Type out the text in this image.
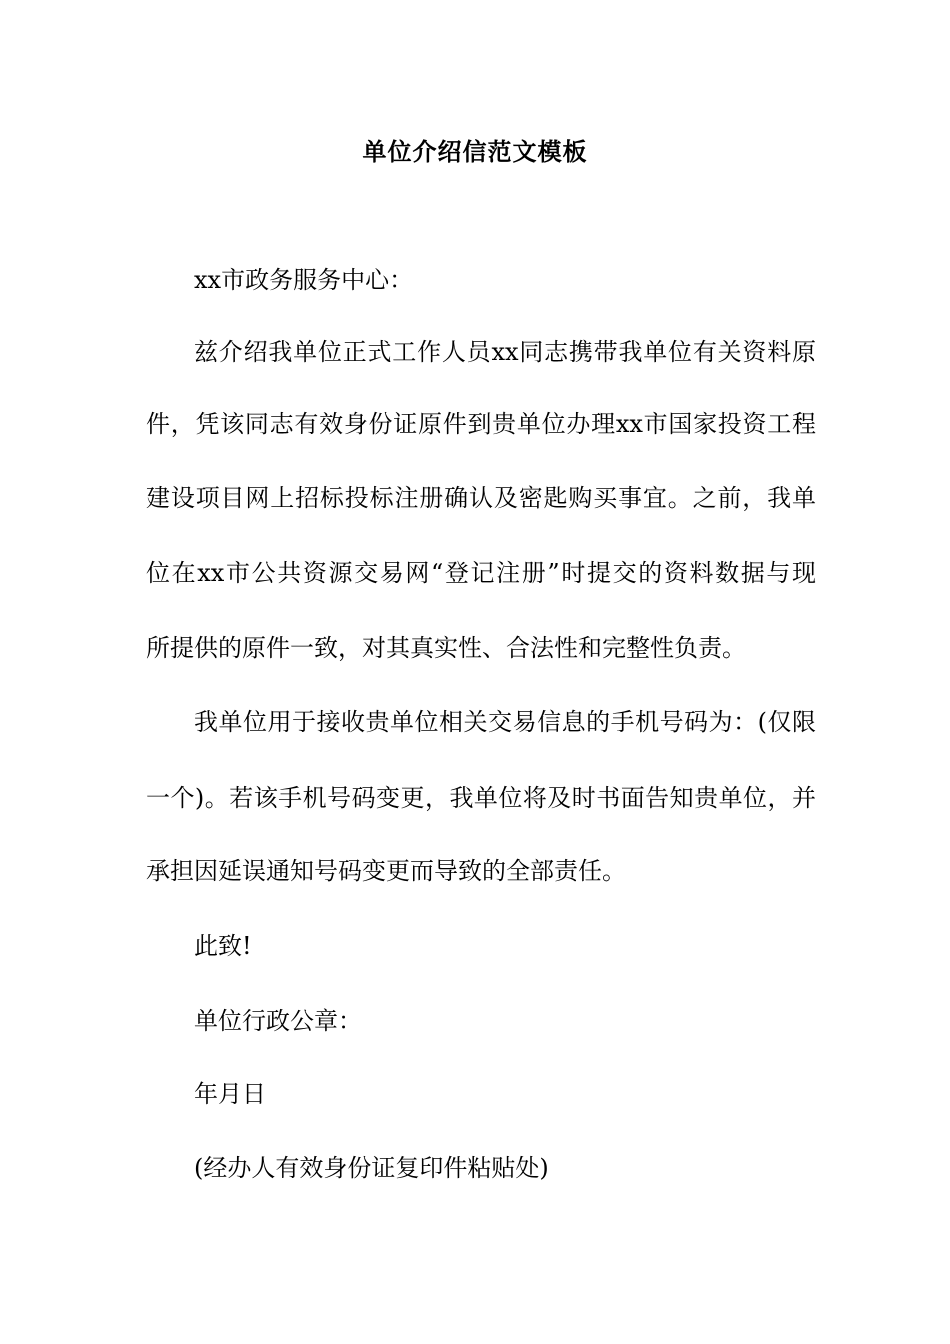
单位介绍信范文模板
xx市政务服务中心：
兹介绍我单位正式工作人员xx同志携带我单位有关资料原
件，凭该同志有效身份证原件到贵单位办理xx市国家投资工程
建设项目网上招标投标注册确认及密匙购买事宜。之前，我单
位在xx市公共资源交易网“登记注册”时提交的资料数据与现
所提供的原件一致，对其真实性、合法性和完整性负责。
我单位用于接收贵单位相关交易信息的手机号码为：(仅限
一个)。若该手机号码变更，我单位将及时书面告知贵单位，并
承担因延误通知号码变更而导致的全部责任。
此致!
单位行政公章：
年月日
(经办人有效身份证复印件粘贴处)
